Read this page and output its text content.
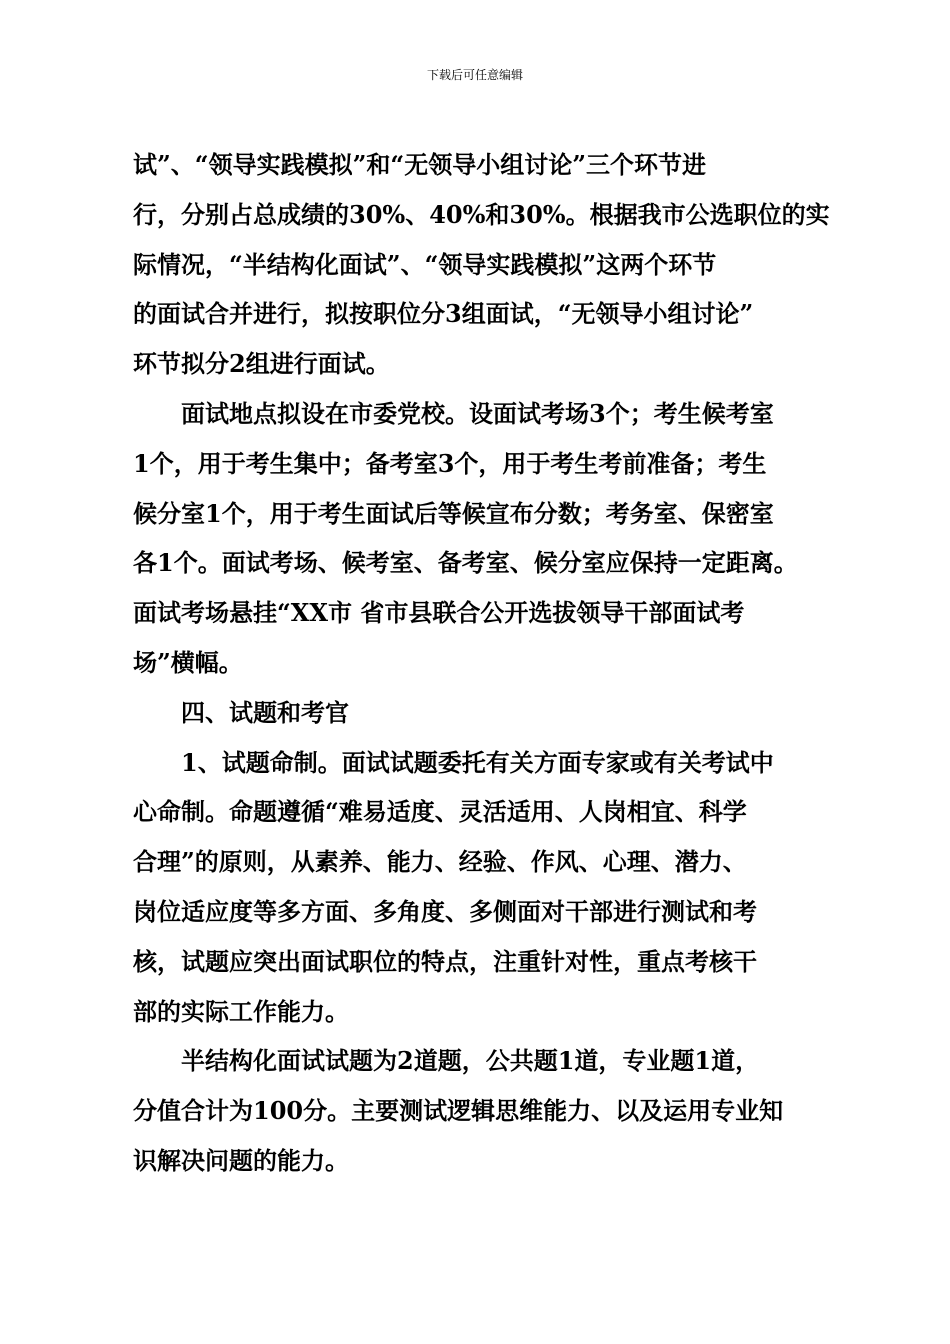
下载后可任意编辑
试”、“领导实践模拟”和“无领导小组讨论”三个环节进
行，分别占总成绩的30%、40%和30%。根据我市公选职位的实
际情况，“半结构化面试”、“领导实践模拟”这两个环节
的面试合并进行，拟按职位分3组面试，“无领导小组讨论”
环节拟分2组进行面试。
面试地点拟设在市委党校。设面试考场3个；考生候考室
1个，用于考生集中；备考室3个，用于考生考前准备；考生
候分室1个，用于考生面试后等候宣布分数；考务室、保密室
各1个。面试考场、候考室、备考室、候分室应保持一定距离。
面试考场悬挂“XX市 省市县联合公开选拔领导干部面试考
场”横幅。
四、试题和考官
1、试题命制。面试试题委托有关方面专家或有关考试中
心命制。命题遵循“难易适度、灵活适用、人岗相宜、科学
合理”的原则，从素养、能力、经验、作风、心理、潜力、
岗位适应度等多方面、多角度、多侧面对干部进行测试和考
核，试题应突出面试职位的特点，注重针对性，重点考核干
部的实际工作能力。
半结构化面试试题为2道题，公共题1道，专业题1道，
分值合计为100分。主要测试逻辑思维能力、以及运用专业知
识解决问题的能力。
